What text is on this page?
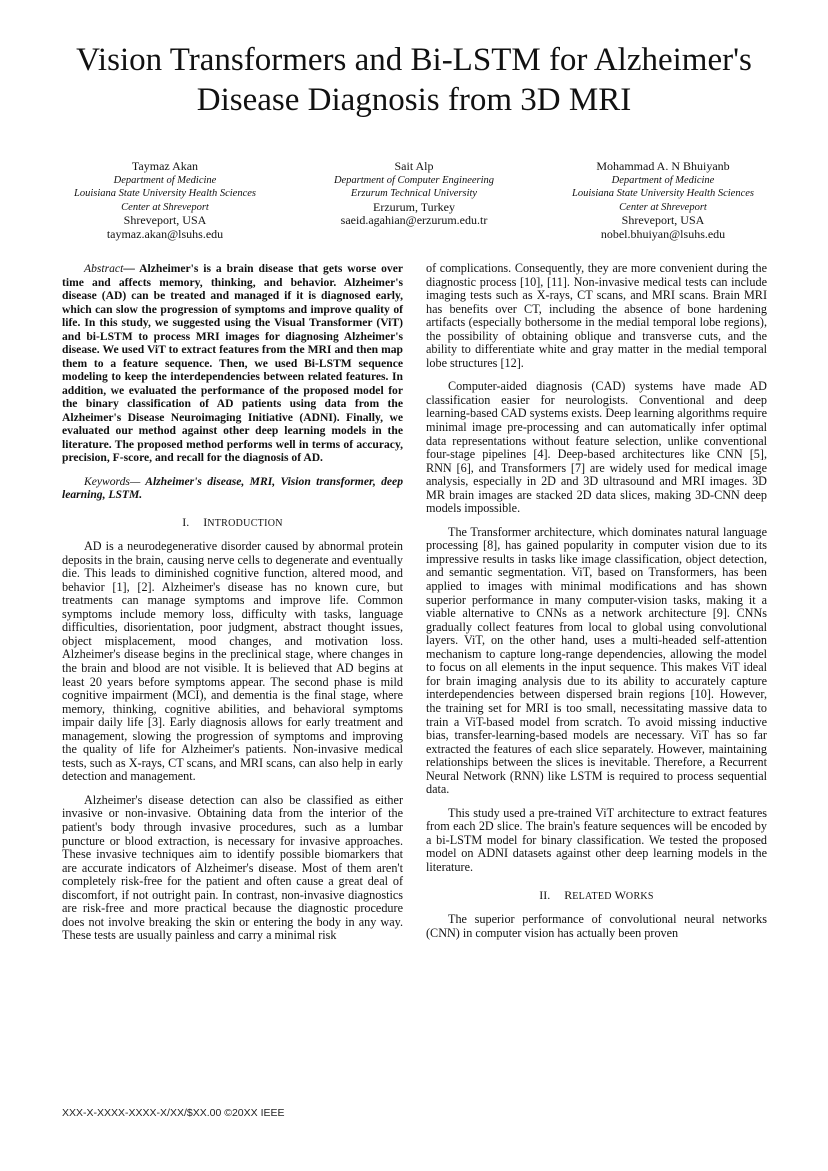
Vision Transformers and Bi-LSTM for Alzheimer's Disease Diagnosis from 3D MRI
Taymaz Akan
Department of Medicine
Louisiana State University Health Sciences
Center at Shreveport
Shreveport, USA
taymaz.akan@lsuhs.edu
Sait Alp
Department of Computer Engineering
Erzurum Technical University
Erzurum, Turkey
saeid.agahian@erzurum.edu.tr
Mohammad A. N Bhuiyanb
Department of Medicine
Louisiana State University Health Sciences
Center at Shreveport
Shreveport, USA
nobel.bhuiyan@lsuhs.edu

Abstract— Alzheimer's is a brain disease that gets worse over time and affects memory, thinking, and behavior. Alzheimer's disease (AD) can be treated and managed if it is diagnosed early, which can slow the progression of symptoms and improve quality of life. In this study, we suggested using the Visual Transformer (ViT) and bi-LSTM to process MRI images for diagnosing Alzheimer's disease. We used ViT to extract features from the MRI and then map them to a feature sequence. Then, we used Bi-LSTM sequence modeling to keep the interdependencies between related features. In addition, we evaluated the performance of the proposed model for the binary classification of AD patients using data from the Alzheimer's Disease Neuroimaging Initiative (ADNI). Finally, we evaluated our method against other deep learning models in the literature. The proposed method performs well in terms of accuracy, precision, F-score, and recall for the diagnosis of AD.

Keywords— Alzheimer's disease, MRI, Vision transformer, deep learning, LSTM.

I. INTRODUCTION

AD is a neurodegenerative disorder caused by abnormal protein deposits in the brain, causing nerve cells to degenerate and eventually die. This leads to diminished cognitive function, altered mood, and behavior [1], [2]. Alzheimer's disease has no known cure, but treatments can manage symptoms and improve life. Common symptoms include memory loss, difficulty with tasks, language difficulties, disorientation, poor judgment, abstract thought issues, object misplacement, mood changes, and motivation loss. Alzheimer's disease begins in the preclinical stage, where changes in the brain and blood are not visible. It is believed that AD begins at least 20 years before symptoms appear. The second phase is mild cognitive impairment (MCI), and dementia is the final stage, where memory, thinking, cognitive abilities, and behavioral symptoms impair daily life [3]. Early diagnosis allows for early treatment and management, slowing the progression of symptoms and improving the quality of life for Alzheimer's patients. Non-invasive medical tests, such as X-rays, CT scans, and MRI scans, can also help in early detection and management.

Alzheimer's disease detection can also be classified as either invasive or non-invasive. Obtaining data from the interior of the patient's body through invasive procedures, such as a lumbar puncture or blood extraction, is necessary for invasive approaches. These invasive techniques aim to identify possible biomarkers that are accurate indicators of Alzheimer's disease. Most of them aren't completely risk-free for the patient and often cause a great deal of discomfort, if not outright pain. In contrast, non-invasive diagnostics are risk-free and more practical because the diagnostic procedure does not involve breaking the skin or entering the body in any way. These tests are usually painless and carry a minimal risk

of complications. Consequently, they are more convenient during the diagnostic process [10], [11]. Non-invasive medical tests can include imaging tests such as X-rays, CT scans, and MRI scans. Brain MRI has benefits over CT, including the absence of bone hardening artifacts (especially bothersome in the medial temporal lobe regions), the possibility of obtaining oblique and transverse cuts, and the ability to differentiate white and gray matter in the medial temporal lobe structures [12].

Computer-aided diagnosis (CAD) systems have made AD classification easier for neurologists. Conventional and deep learning-based CAD systems exists. Deep learning algorithms require minimal image pre-processing and can automatically infer optimal data representations without feature selection, unlike conventional four-stage pipelines [4]. Deep-based architectures like CNN [5], RNN [6], and Transformers [7] are widely used for medical image analysis, especially in 2D and 3D ultrasound and MRI images. 3D MR brain images are stacked 2D data slices, making 3D-CNN deep models impossible.

The Transformer architecture, which dominates natural language processing [8], has gained popularity in computer vision due to its impressive results in tasks like image classification, object detection, and semantic segmentation. ViT, based on Transformers, has been applied to images with minimal modifications and has shown superior performance in many computer-vision tasks, making it a viable alternative to CNNs as a network architecture [9]. CNNs gradually collect features from local to global using convolutional layers. ViT, on the other hand, uses a multi-headed self-attention mechanism to capture long-range dependencies, allowing the model to focus on all elements in the input sequence. This makes ViT ideal for brain imaging analysis due to its ability to accurately capture interdependencies between dispersed brain regions [10]. However, the training set for MRI is too small, necessitating massive data to train a ViT-based model from scratch. To avoid missing inductive bias, transfer-learning-based models are necessary. ViT has so far extracted the features of each slice separately. However, maintaining relationships between the slices is inevitable. Therefore, a Recurrent Neural Network (RNN) like LSTM is required to process sequential data.

This study used a pre-trained ViT architecture to extract features from each 2D slice. The brain's feature sequences will be encoded by a bi-LSTM model for binary classification. We tested the proposed model on ADNI datasets against other deep learning models in the literature.

II. RELATED WORKS

The superior performance of convolutional neural networks (CNN) in computer vision has actually been proven

XXX-X-XXXX-XXXX-X/XX/$XX.00 ©20XX IEEE
